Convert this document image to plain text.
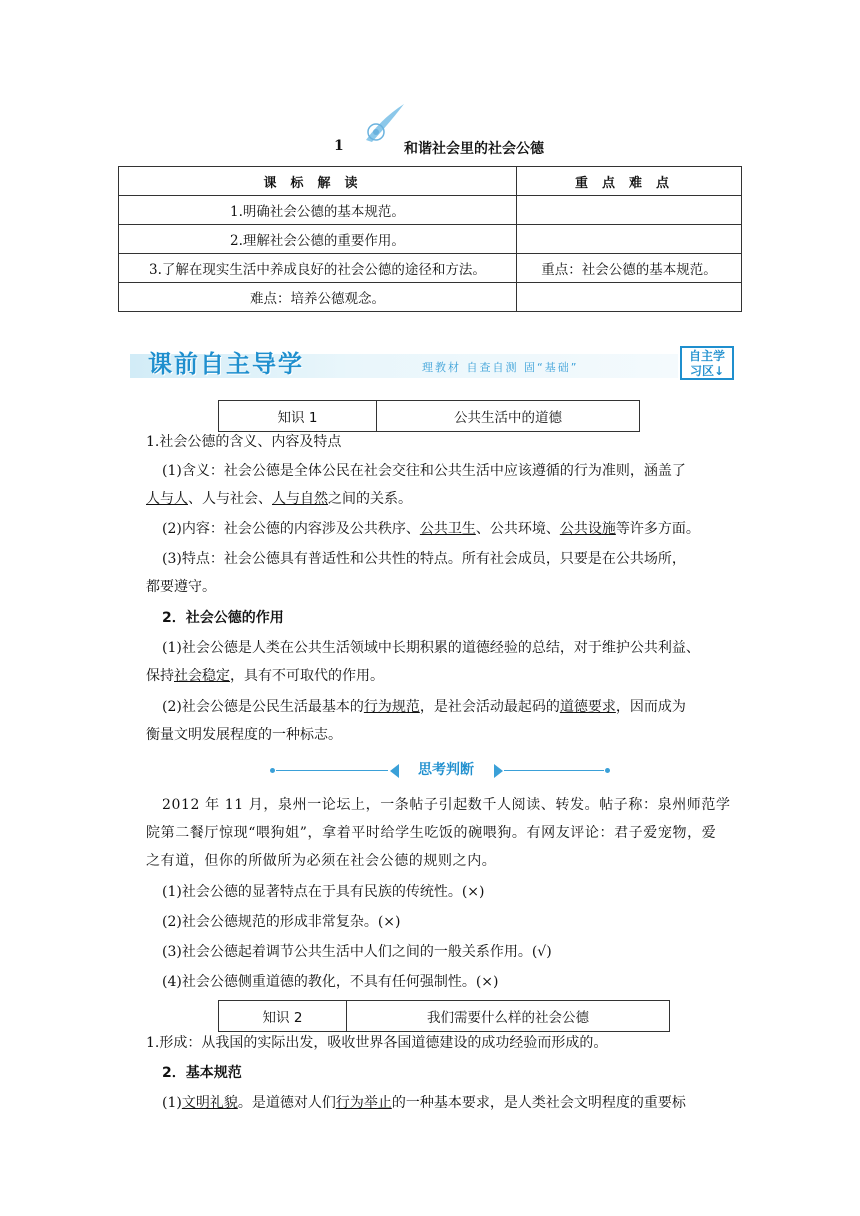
1	和谐社会里的社会公德
课标解读	重点难点
1.明确社会公德的基本规范。	
2.理解社会公德的重要作用。	
3.了解在现实生活中养成良好的社会公德的途径和方法。	重点：社会公德的基本规范。
难点：培养公德观念。	
课前自主导学	理教材 自查自测 固“基础”
自主学
习区↓
知识 1	公共生活中的道德
1.社会公德的含义、内容及特点
(1)含义：社会公德是全体公民在社会交往和公共生活中应该遵循的行为准则，涵盖了
人与人、人与社会、人与自然之间的关系。
(2)内容：社会公德的内容涉及公共秩序、公共卫生、公共环境、公共设施等许多方面。
(3)特点：社会公德具有普适性和公共性的特点。所有社会成员，只要是在公共场所，
都要遵守。
2．社会公德的作用
(1)社会公德是人类在公共生活领域中长期积累的道德经验的总结，对于维护公共利益、
保持社会稳定，具有不可取代的作用。
(2)社会公德是公民生活最基本的行为规范，是社会活动最起码的道德要求，因而成为
衡量文明发展程度的一种标志。
思考判断
2012 年 11 月，泉州一论坛上，一条帖子引起数千人阅读、转发。帖子称：泉州师范学
院第二餐厅惊现“喂狗姐”，拿着平时给学生吃饭的碗喂狗。有网友评论：君子爱宠物，爱
之有道，但你的所做所为必须在社会公德的规则之内。
(1)社会公德的显著特点在于具有民族的传统性。(×)
(2)社会公德规范的形成非常复杂。(×)
(3)社会公德起着调节公共生活中人们之间的一般关系作用。(√)
(4)社会公德侧重道德的教化，不具有任何强制性。(×)
知识 2	我们需要什么样的社会公德
1.形成：从我国的实际出发，吸收世界各国道德建设的成功经验而形成的。
2．基本规范
(1)文明礼貌。是道德对人们行为举止的一种基本要求，是人类社会文明程度的重要标
